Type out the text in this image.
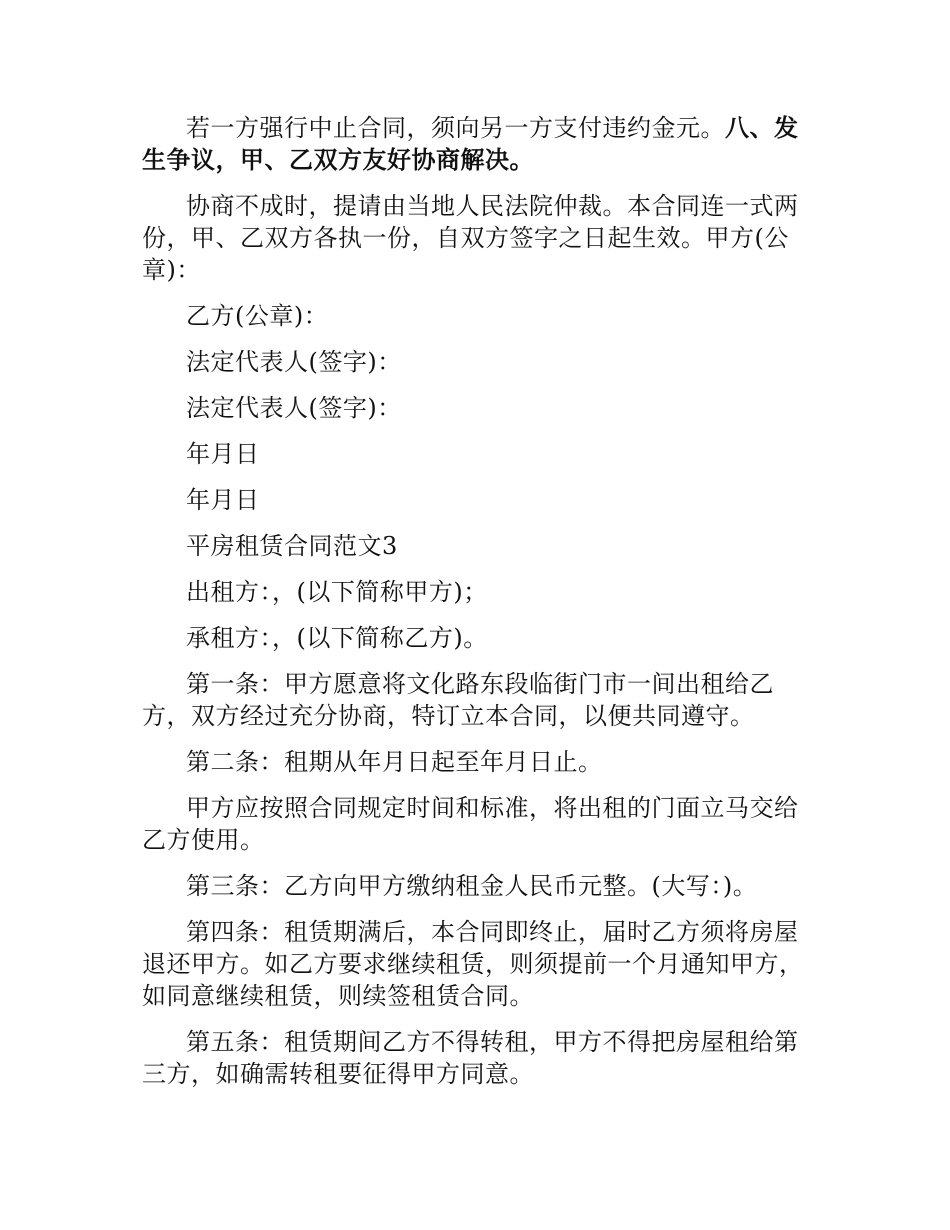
若一方强行中止合同，须向另一方支付违约金元。八、发生争议，甲、乙双方友好协商解决。

协商不成时，提请由当地人民法院仲裁。本合同连一式两份，甲、乙双方各执一份，自双方签字之日起生效。甲方(公章)：

乙方(公章)：

法定代表人(签字)：

法定代表人(签字)：

年月日

年月日

平房租赁合同范文3

出租方：，(以下简称甲方)；

承租方：，(以下简称乙方)。

第一条：甲方愿意将文化路东段临街门市一间出租给乙方，双方经过充分协商，特订立本合同，以便共同遵守。

第二条：租期从年月日起至年月日止。

甲方应按照合同规定时间和标准，将出租的门面立马交给乙方使用。

第三条：乙方向甲方缴纳租金人民币元整。(大写：)。

第四条：租赁期满后，本合同即终止，届时乙方须将房屋退还甲方。如乙方要求继续租赁，则须提前一个月通知甲方，如同意继续租赁，则续签租赁合同。

第五条：租赁期间乙方不得转租，甲方不得把房屋租给第三方，如确需转租要征得甲方同意。
